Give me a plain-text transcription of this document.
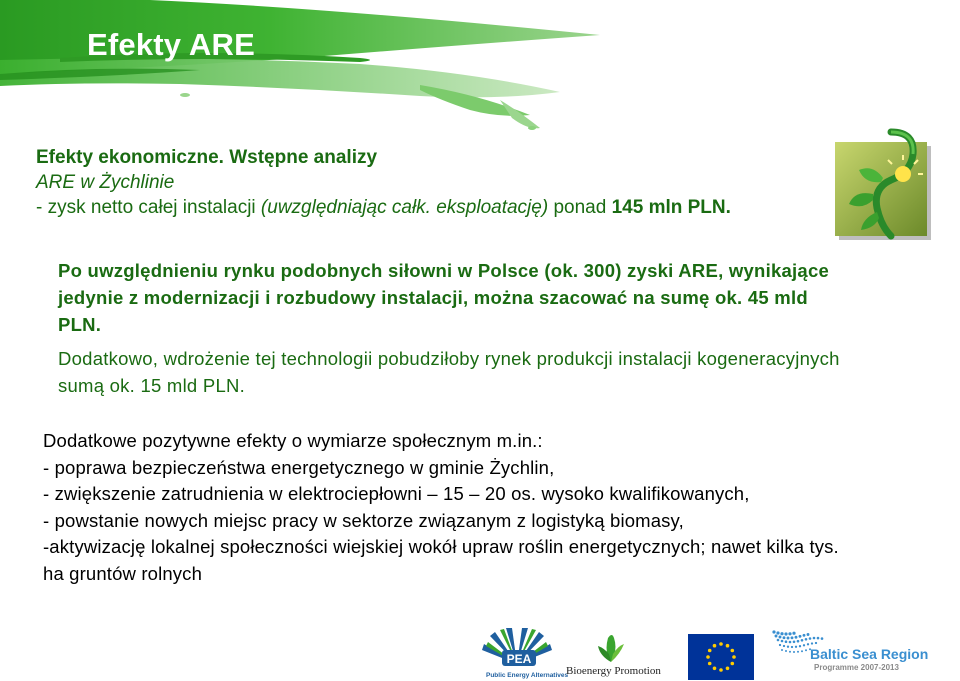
Efekty ARE
Efekty ekonomiczne. Wstępne analizy
ARE w Żychlinie
- zysk netto całej instalacji (uwzględniając całk. eksploatację) ponad 145 mln PLN.
Po uwzględnieniu rynku podobnych siłowni w Polsce (ok. 300) zyski ARE, wynikające
jedynie z modernizacji i rozbudowy instalacji, można szacować na sumę ok. 45 mld
PLN.
Dodatkowo, wdrożenie tej technologii pobudziłoby rynek produkcji instalacji kogeneracyjnych
sumą ok. 15 mld PLN.
Dodatkowe pozytywne efekty o wymiarze społecznym m.in.:
- poprawa bezpieczeństwa energetycznego w gminie Żychlin,
- zwiększenie zatrudnienia w elektrociepłowni – 15 – 20 os. wysoko kwalifikowanych,
- powstanie nowych miejsc pracy w sektorze związanym z logistyką biomasy,
-aktywizację lokalnej społeczności wiejskiej wokół upraw roślin energetycznych; nawet kilka tys.
ha gruntów rolnych
PEA
Public Energy Alternatives
Bioenergy Promotion
Baltic Sea Region
Programme 2007-2013
